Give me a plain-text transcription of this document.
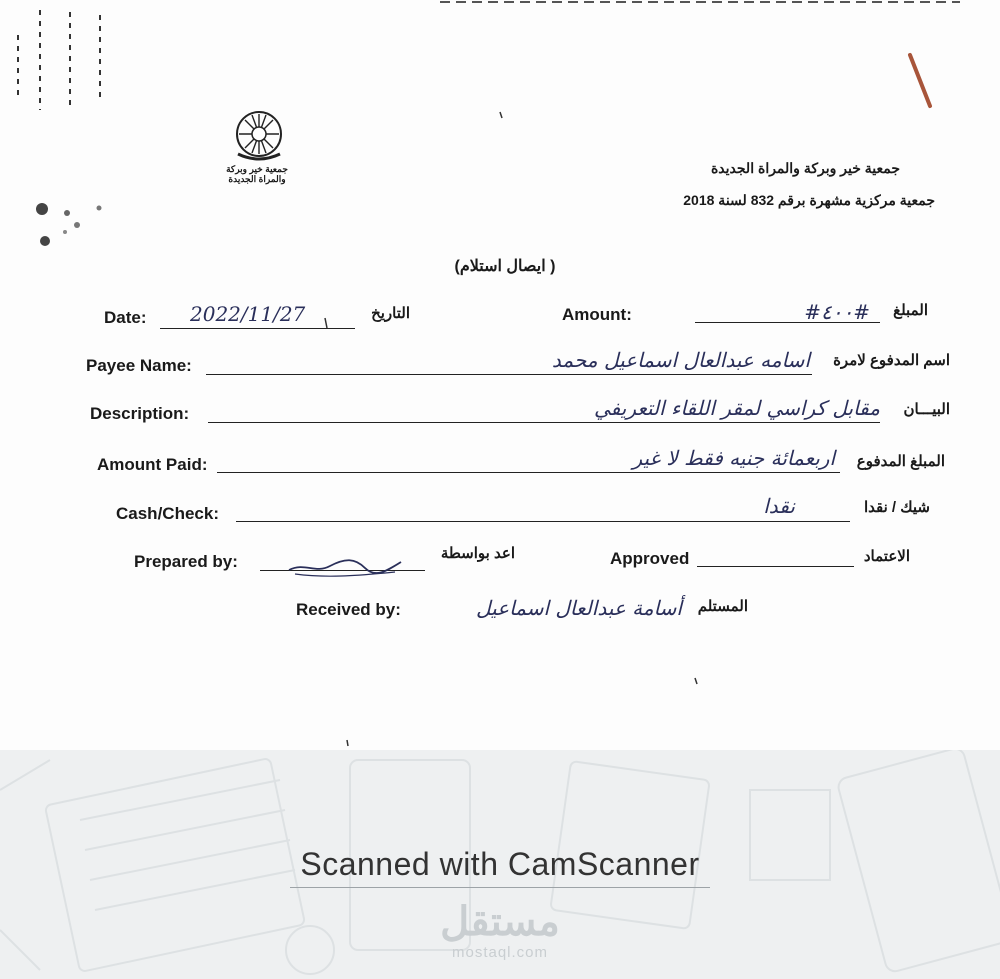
جمعية خير وبركة والمراة الجديدة
جمعية خير وبركة والمراة الجديدة
جمعية مركزية مشهرة برقم 832 لسنة 2018
(ايصال استلام )
Date: 2022/11/27	التاريخ	Amount:	#٤٠٠#	المبلغ
Payee Name:	اسامه عبدالعال اسماعيل محمد	اسم المدفوع لامرة
Description:	مقابل كراسي لمقر اللقاء التعريفي	البيـــان
Amount Paid:	اربعمائة جنيه فقط لا غير	المبلغ المدفوع
Cash/Check:	نقدا	شيك / نقدا
Prepared by:	اعد بواسطة	Approved	الاعتماد
Received by:	أسامة عبدالعال اسماعيل	المستلم
Scanned with CamScanner
مستقل
mostaql.com
